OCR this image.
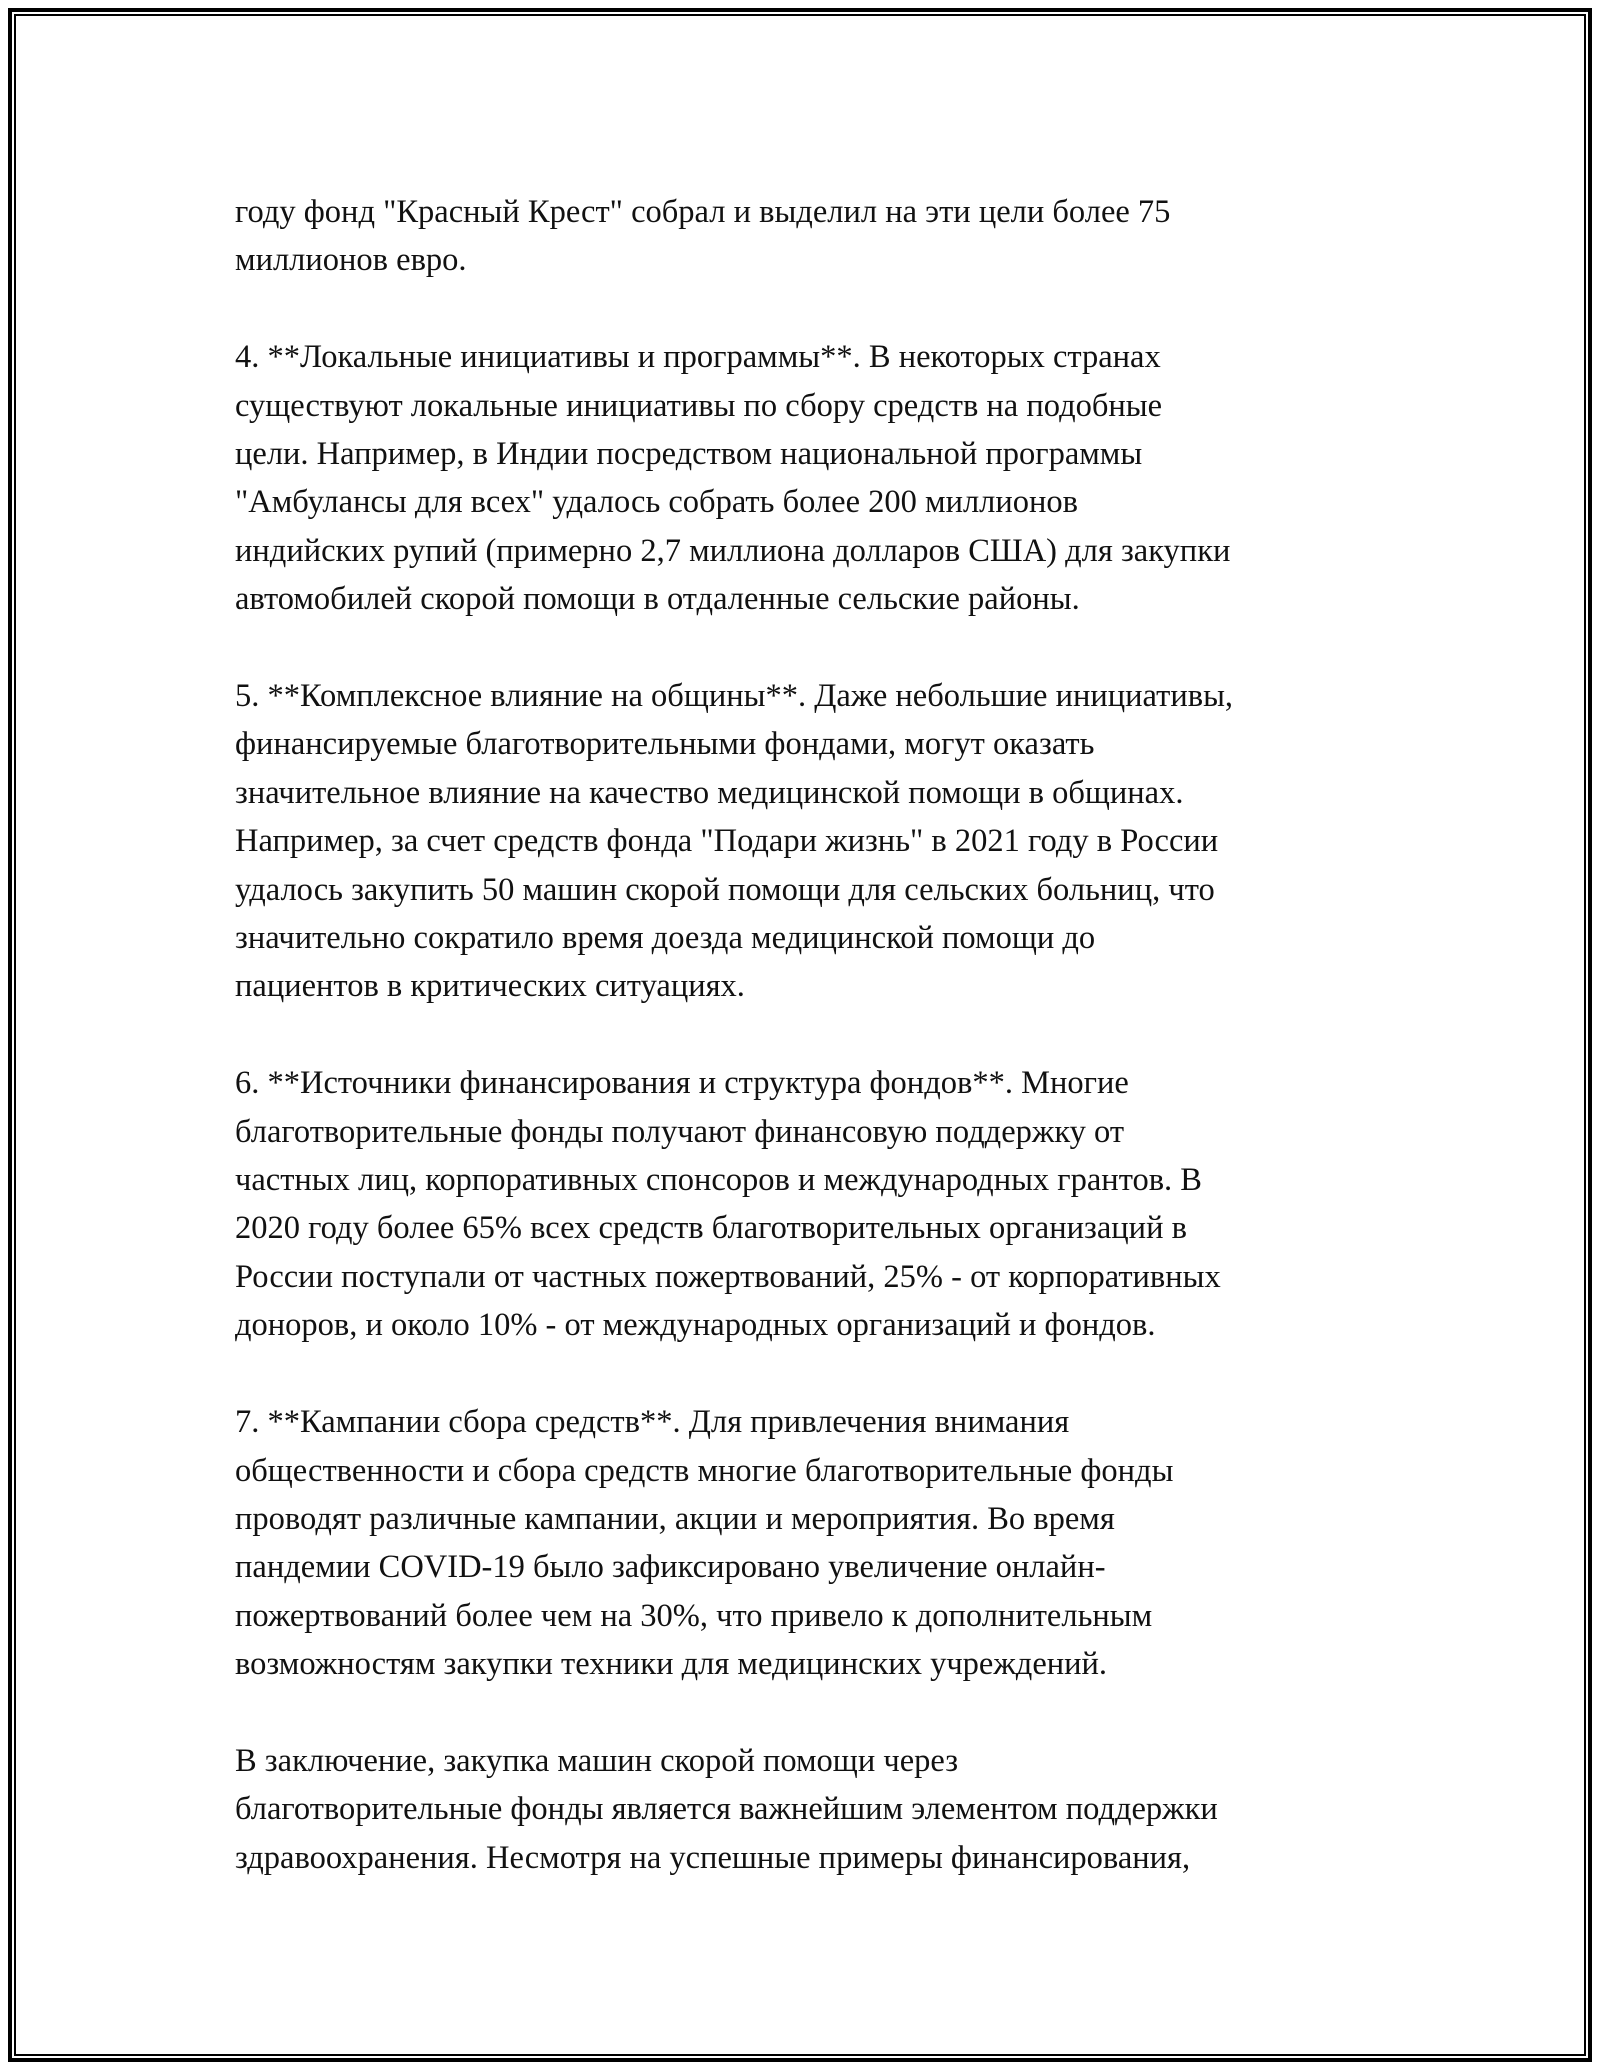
году фонд "Красный Крест" собрал и выделил на эти цели более 75
миллионов евро.

4. **Локальные инициативы и программы**. В некоторых странах
существуют локальные инициативы по сбору средств на подобные
цели. Например, в Индии посредством национальной программы
"Амбулансы для всех" удалось собрать более 200 миллионов
индийских рупий (примерно 2,7 миллиона долларов США) для закупки
автомобилей скорой помощи в отдаленные сельские районы.

5. **Комплексное влияние на общины**. Даже небольшие инициативы,
финансируемые благотворительными фондами, могут оказать
значительное влияние на качество медицинской помощи в общинах.
Например, за счет средств фонда "Подари жизнь" в 2021 году в России
удалось закупить 50 машин скорой помощи для сельских больниц, что
значительно сократило время доезда медицинской помощи до
пациентов в критических ситуациях.

6. **Источники финансирования и структура фондов**. Многие
благотворительные фонды получают финансовую поддержку от
частных лиц, корпоративных спонсоров и международных грантов. В
2020 году более 65% всех средств благотворительных организаций в
России поступали от частных пожертвований, 25% - от корпоративных
доноров, и около 10% - от международных организаций и фондов.

7. **Кампании сбора средств**. Для привлечения внимания
общественности и сбора средств многие благотворительные фонды
проводят различные кампании, акции и мероприятия. Во время
пандемии COVID-19 было зафиксировано увеличение онлайн-
пожертвований более чем на 30%, что привело к дополнительным
возможностям закупки техники для медицинских учреждений.

В заключение, закупка машин скорой помощи через
благотворительные фонды является важнейшим элементом поддержки
здравоохранения. Несмотря на успешные примеры финансирования,
